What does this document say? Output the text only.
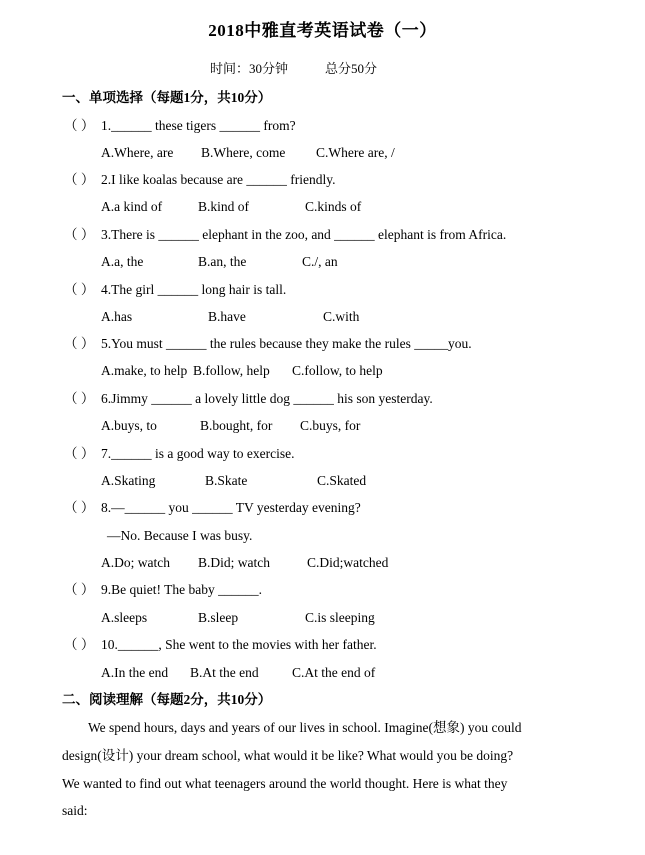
2018中雅直考英语试卷（一）
时间：30分钟	总分50分
一、单项选择（每题1分，共10分）
（ ） 1.______ these tigers ______ from?
A.Where, are B.Where, come C.Where are, /
（ ） 2.I like koalas because are ______ friendly.
A.a kind of	B.kind of	C.kinds of
（ ） 3.There is ______ elephant in the zoo, and ______ elephant is from Africa.
A.a, the	B.an, the	C./, an
（ ） 4.The girl ______ long hair is tall.
A.has	B.have	C.with
（ ） 5.You must ______ the rules because they make the rules _____you.
A.make, to help B.follow, help C.follow, to help
（ ） 6.Jimmy ______ a lovely little dog ______ his son yesterday.
A.buys, to	B.bought, for C.buys, for
（ ） 7.______ is a good way to exercise.
A.Skating	B.Skate	C.Skated
（ ） 8.—______ you ______ TV yesterday evening?
—No. Because I was busy.
A.Do; watch B.Did; watch	C.Did;watched
（ ） 9.Be quiet! The baby ______.
A.sleeps	B.sleep	C.is sleeping
（ ） 10.______, She went to the movies with her father.
A.In the end B.At the end C.At the end of
二、阅读理解（每题2分，共10分）
We spend hours, days and years of our lives in school. Imagine(想象) you could
design(设计) your dream school, what would it be like? What would you be doing?
We wanted to find out what teenagers around the world thought. Here is what they
said:
